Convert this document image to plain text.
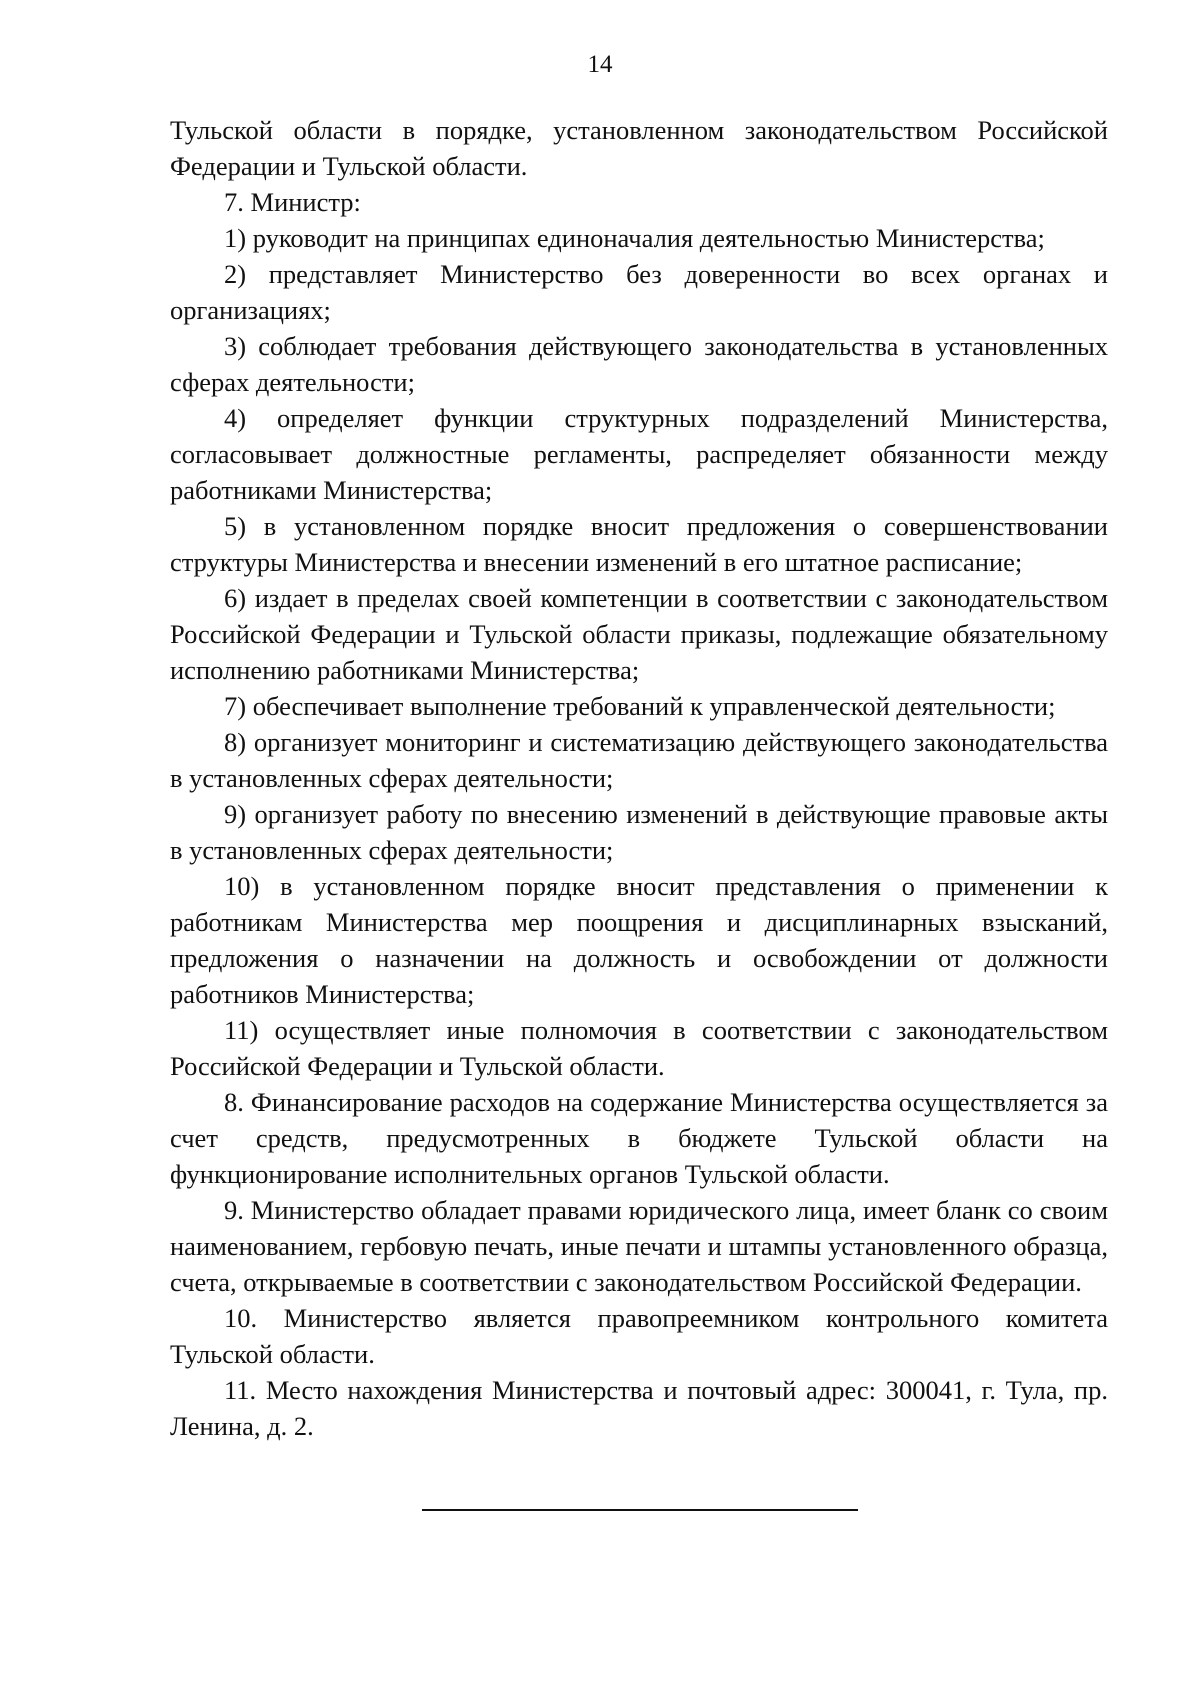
14

Тульской области в порядке, установленном законодательством Российской Федерации и Тульской области.

7. Министр:

1) руководит на принципах единоначалия деятельностью Министерства;

2) представляет Министерство без доверенности во всех органах и организациях;

3) соблюдает требования действующего законодательства в установленных сферах деятельности;

4) определяет функции структурных подразделений Министерства, согласовывает должностные регламенты, распределяет обязанности между работниками Министерства;

5) в установленном порядке вносит предложения о совершенствовании структуры Министерства и внесении изменений в его штатное расписание;

6) издает в пределах своей компетенции в соответствии с законодательством Российской Федерации и Тульской области приказы, подлежащие обязательному исполнению работниками Министерства;

7) обеспечивает выполнение требований к управленческой деятельности;

8) организует мониторинг и систематизацию действующего законодательства в установленных сферах деятельности;

9) организует работу по внесению изменений в действующие правовые акты в установленных сферах деятельности;

10) в установленном порядке вносит представления о применении к работникам Министерства мер поощрения и дисциплинарных взысканий, предложения о назначении на должность и освобождении от должности работников Министерства;

11) осуществляет иные полномочия в соответствии с законодательством Российской Федерации и Тульской области.

8. Финансирование расходов на содержание Министерства осуществляется за счет средств, предусмотренных в бюджете Тульской области на функционирование исполнительных органов Тульской области.

9. Министерство обладает правами юридического лица, имеет бланк со своим наименованием, гербовую печать, иные печати и штампы установленного образца, счета, открываемые в соответствии с законодательством Российской Федерации.

10. Министерство является правопреемником контрольного комитета Тульской области.

11. Место нахождения Министерства и почтовый адрес: 300041, г. Тула, пр. Ленина, д. 2.
